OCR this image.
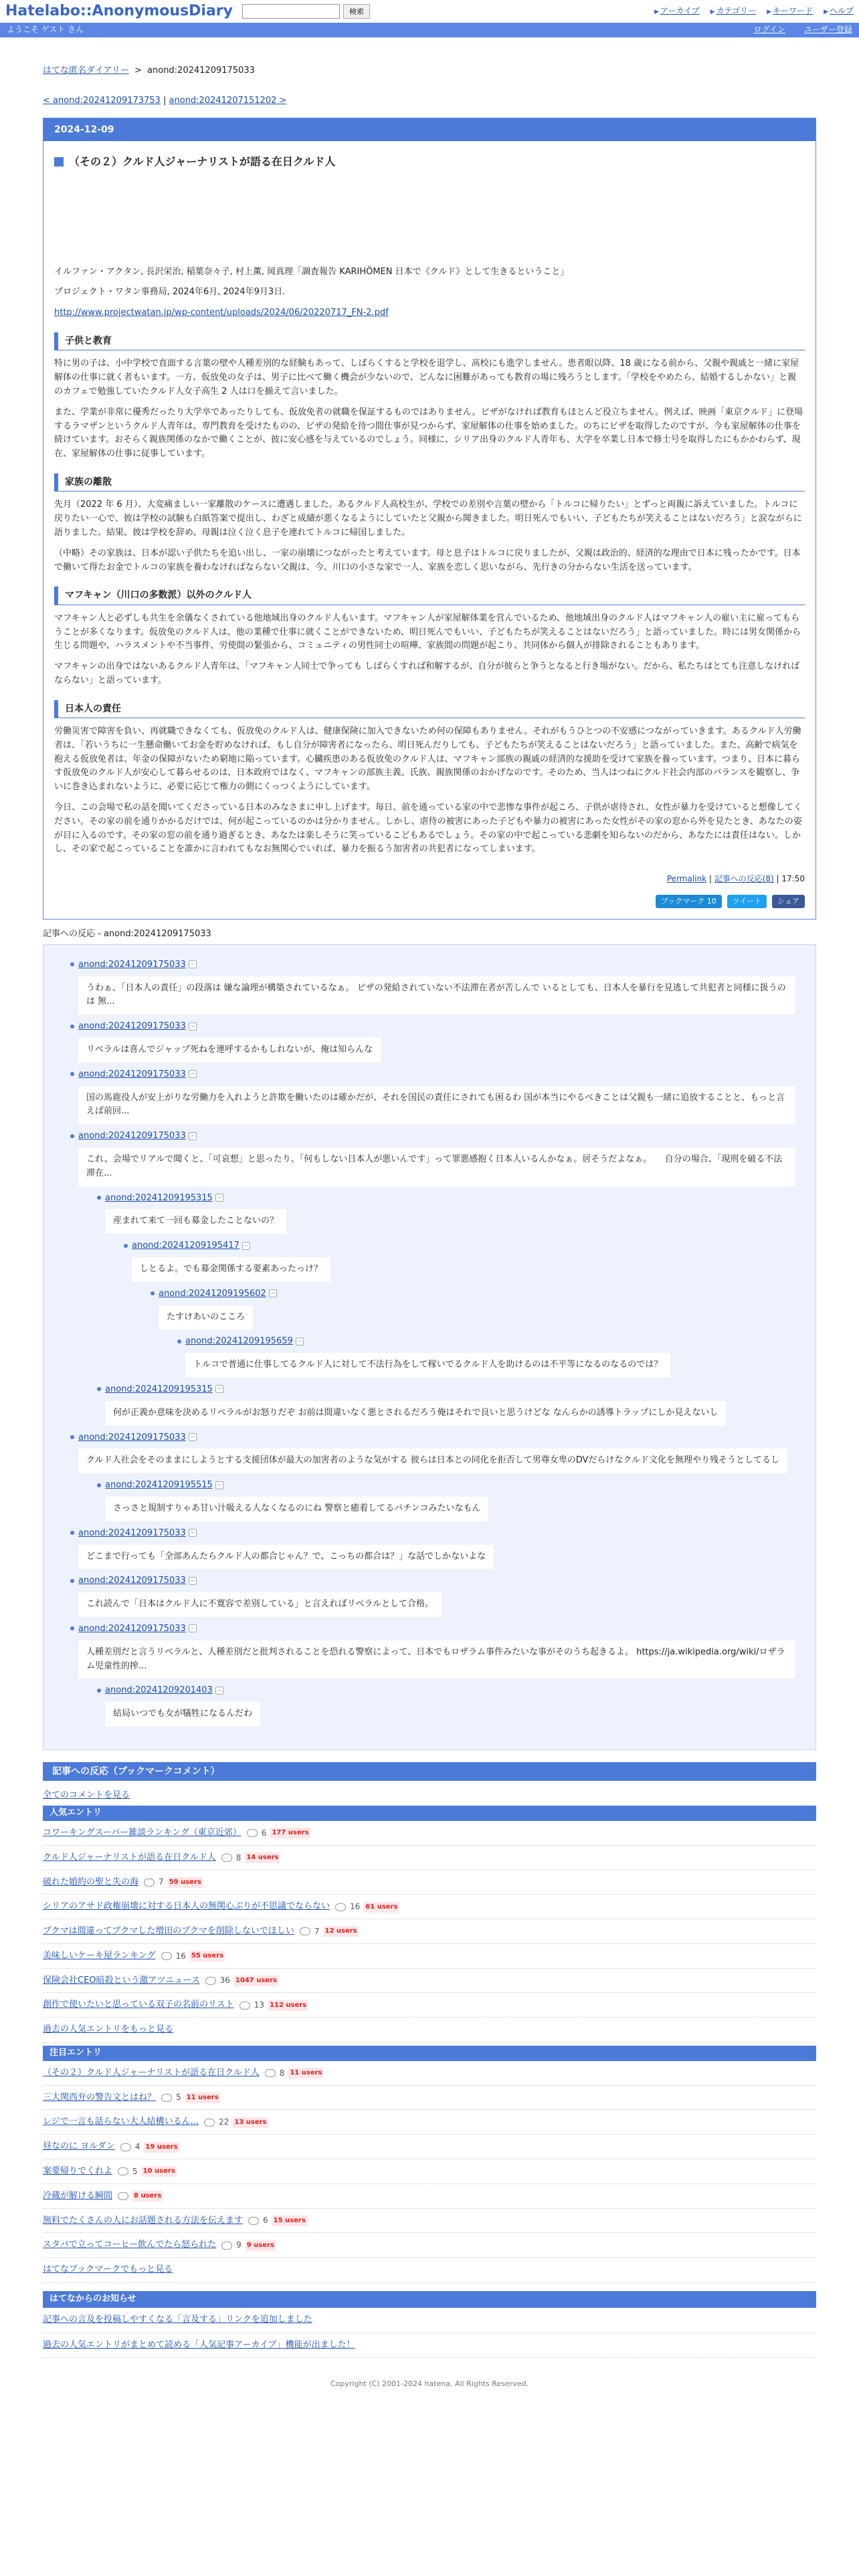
Hatelabo::AnonymousDiary	検索	▶ アーカイブ ▶ カテゴリー ▶ キーワード ▶ ヘルプ
ようこそ ゲスト さん	ログイン ユーザー登録
はてな匿名ダイアリー > anond:20241209175033
< anond:20241209173753 | anond:20241207151202 >
2024-12-09
（その２）クルド人ジャーナリストが語る在日クルド人

イルファン・アクタン, 長沢栄治, 稲葉奈々子, 村上薫, 岡真理「調査報告 KARIHÖMEN 日本で《クルド》として生きるということ」

プロジェクト・ワタン事務局, 2024年6月, 2024年9月3日.

http://www.projectwatan.jp/wp-content/uploads/2024/06/20220717_FN-2.pdf

子供と教育

特に男の子は、小中学校で直面する言葉の壁や人種差別的な経験もあって、しばらくすると学校を退学し、高校にも進学しません。患者眼以降、18 歳になる前から、父親や親戚と一緒に家屋解体の仕事に就く者もいます。一方、仮放免の女子は、男子に比べて働く機会が少ないので、どんなに困難があっても教育の場に残ろうとします。「学校をやめたら、結婚するしかない」と親のカフェで勉強していたクルド人女子高生 2 人は口を揃えて言いました。

また、学業が非常に優秀だったり大学卒であったりしても、仮放免者の就職を保証するものではありません。ビザがなければ教育もほとんど役立ちません。例えば、映画「東京クルド」に登場するラマザンというクルド人青年は、専門教育を受けたものの、ビザの発給を待つ間仕事が見つからず、家屋解体の仕事を始めました。のちにビザを取得したのですが、今も家屋解体の仕事を続けています。おそらく親族関係のなかで働くことが、彼に安心感を与えているのでしょう。同様に、シリア出身のクルド人青年も、大学を卒業し日本で修士号を取得したにもかかわらず、現在、家屋解体の仕事に従事しています。

家族の離散

先月（2022 年 6 月）、大変痛ましい一家離散のケースに遭遇しました。あるクルド人高校生が、学校での差別や言葉の壁から「トルコに帰りたい」とずっと両親に訴えていました。トルコに戻りたい一心で、彼は学校の試験も白紙答案で提出し、わざと成績が悪くなるようにしていたと父親から聞きました。明日死んでもいい、子どもたちが笑えることはないだろう」と涙ながらに語りました。結果、彼は学校を辞め、母親は泣く泣く息子を連れてトルコに帰国しました。

（中略）その家族は、日本が認い子供たちを追い出し、一家の崩壊につながったと考えています。母と息子はトルコに戻りましたが、父親は政治的、経済的な理由で日本に残ったかです。日本で働いて得たお金でトルコの家族を養わなければならない父親は、今、川口の小さな家で一人、家族を恋しく思いながら、先行きの分からない生活を送っています。

マフキャン（川口の多数派）以外のクルド人

マフキャン人と必ずしも共生を余儀なくされている他地域出身のクルド人もいます。マフキャン人が家屋解体業を営んでいるため、他地域出身のクルド人はマフキャン人の雇い主に雇ってもらうことが多くなります。仮放免のクルド人は、他の業種で仕事に就くことができないため、明日死んでもいい、子どもたちが笑えることはないだろう」と語っていました。時には男女関係から生じる問題や、ハラスメントや不当事件、労使間の緊張から、コミュニティの男性同士の喧嘩、家族間の問題が起こり、共同体から個人が排除されることもあります。

マフキャンの出身ではないあるクルド人青年は、「マフキャン人同士で争っても しばらくすれば和解するが、自分が彼らと争うとなると行き場がない。だから、私たちはとても注意しなければならない」と語っています。

日本人の責任

労働災害で障害を負い、再就職できなくても、仮放免のクルド人は、健康保険に加入できないため何の保障もありません。それがもうひとつの不安感につながっていきます。あるクルド人労働者は、「若いうちに一生懸命働いてお金を貯めなければ、もし自分が障害者になったら、明日死んだりしても、子どもたちが笑えることはないだろう」と語っていました。また、高齢で病気を抱える仮放免者は、年金の保障がないため窮地に陥っています。心臓疾患のある仮放免のクルド人は、マフキャン部族の親戚の経済的な援助を受けて家族を養っています。つまり、日本に暮らす仮放免のクルド人が安心して暮らせるのは、日本政府ではなく、マフキャンの部族主義、氏族、親族関係のおかげなのです。そのため、当人はつねにクルド社会内部のバランスを観察し、争いに巻き込まれないように、必要に応じて権力の側にくっつくようにしています。

今日、この会場で私の話を聞いてくださっている日本のみなさまに申し上げます。毎日、前を通っている家の中で悲惨な事件が起ころ、子供が虐待され、女性が暴力を受けていると想像してください。その家の前を通りかかるだけでは、何が起こっているのかは分かりません。しかし、虐待の被害にあった子どもや暴力の被害にあった女性がその家の窓から外を見たとき、あなたの姿が目に入るのです。その家の窓の前を通り過ぎるとき、あなたは楽しそうに笑っているこどもあるでしょう。その家の中で起こっている悲劇を知らないのだから、あなたには責任はない。しかし、その家で起こっていることを誰かに言われてもなお無関心でいれば、暴力を振るう加害者の共犯者になってしまいます。

Permalink | 記事への反応(8) | 17:50
ブックマーク 10	ツイート	シェア
記事への反応 - anond:20241209175033
anond:20241209175033 −
うわぁ、「日本人の責任」の段落は 嫌な論理が構築されているなぁ。 ビザの発給されていない不法滞在者が苦しんで いるとしても、日本人を暴行を見逃して共犯者と同様に扱うのは 無...
anond:20241209175033 −
リベラルは喜んでジャップ死ねを連呼するかもしれないが、俺は知らんな
anond:20241209175033 −
国の馬鹿役人が安上がりな労働力を入れようと許欺を働いたのは確かだが、それを国民の責任にされても困るわ 国が本当にやるべきことは父親も一緒に追放することと、もっと言えば前回...
anond:20241209175033 −
これ、会場でリアルで聞くと、「可哀想」と思ったり、「何もしない日本人が悪いんです」って罪悪感抱く日本人いるんかなぁ。居そうだよなぁ。　　自分の場合、「現刑を破る不法滞在...
anond:20241209195315 −
産まれて来て一回も募金したことないの？
anond:20241209195417 −
しとるよ。でも募金関係する要素あったっけ？
anond:20241209195602 −
たすけあいのこころ
anond:20241209195659 −
トルコで普通に仕事してるクルド人に対して不法行為をして稼いでるクルド人を助けるのは不平等になるのなるのでは？
anond:20241209195315 −
何が正義か意味を決めるリベラルがお怒りだぞ お前は間違いなく悪とされるだろう俺はそれで良いと思うけどな なんらかの誘導トラップにしか見えないし
anond:20241209175033 −
クルド人社会をそのままにしようとする支援団体が最大の加害者のような気がする 彼らは日本との同化を拒否して男尊女卑のDVだらけなクルド文化を無理やり残そうとしてるし
anond:20241209195515 −
さっさと規制すりゃあ甘い汁吸える人なくなるのにね 警察と癒着してるパチンコみたいなもん
anond:20241209175033 −
どこまで行っても「全部あんたらクルド人の都合じゃん？で、こっちの都合は？」な話でしかないよな
anond:20241209175033 −
これ読んで「日本はクルド人に不寛容で差別している」と言えればリベラルとして合格。
anond:20241209175033 −
人種差別だと言うリベラルと、人種差別だと批判されることを恐れる警察によって、日本でもロザラム事件みたいな事がそのうち起きるよ。 https://ja.wikipedia.org/wiki/ロザラム児童性的搾...
anond:20241209201403 −
結局いつでも女が犠牲になるんだわ
記事への反応（ブックマークコメント）
全てのコメントを見る
人気エントリ
コワーキングスーパー雑談ランキング（東京近郊）	6 177 users
クルド人ジャーナリストが語る在日クルド人	8 14 users
破れた婚約の聖と失の海	7 59 users
シリアのアサド政権崩壊に対する日本人の無関心ぶりが不思議でならない	16 61 users
ブクマは間違ってブクマした増田のブクマを削除しないでほしい	7 12 users
美味しいケーキ屋ランキング	16 55 users
保険会社CEO暗殺という激アツニュース	36 1047 users
創作で使いたいと思っている双子の名前のリスト	13 112 users
過去の人気エントリをもっと見る
注目エントリ
（その２）クルド人ジャーナリストが語る在日クルド人	8 11 users
三大関西弁の警告文とはね？	5 11 users
レジで一言も話らない大人結構いるん...	22 13 users
昼なのに ヨルダン	4 19 users
案要帰りでくれよ	5 10 users
冷蔵が解ける瞬間	8 users
無料でたくさんの人にお話題される方法を伝えます	6 15 users
スタバで立ってコーヒー飲んでたら怒られた	9 9 users
はてなブックマークでもっと見る
はてなからのお知らせ
記事への言及を投稿しやすくなる「言及する」リンクを追加しました
過去の人気エントリがまとめて読める「人気記事アーカイブ」機能が出ました！
Copyright (C) 2001-2024 hatena. All Rights Reserved.
